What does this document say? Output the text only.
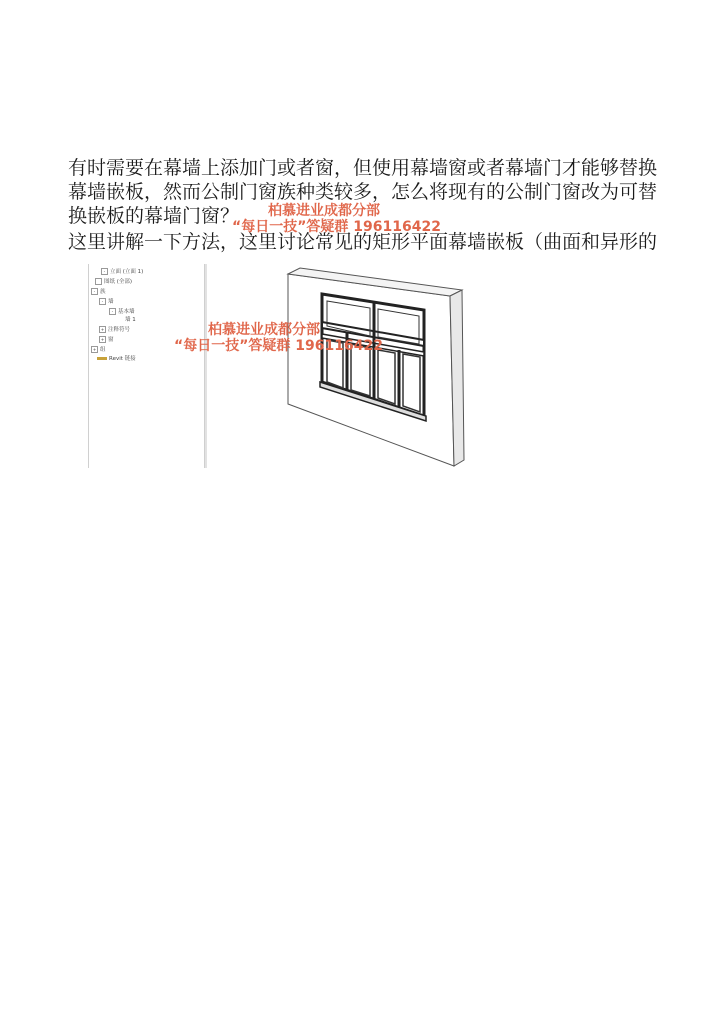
有时需要在幕墙上添加门或者窗，但使用幕墙窗或者幕墙门才能够替换幕墙嵌板，然而公制门窗族种类较多，怎么将现有的公制门窗改为可替换嵌板的幕墙门窗？

这里讲解一下方法，这里讨论常见的矩形平面幕墙嵌板（曲面和异形的

- 立面 (立面 1)
图纸 (全部)
- 族
- 墙
- 基本墙
墙 1
+ 注释符号
+ 窗
+ 组
Revit 链接
柏慕进业成都分部
“每日一技”答疑群 196116422
柏慕进业成都分部
“每日一技”答疑群 196116422
